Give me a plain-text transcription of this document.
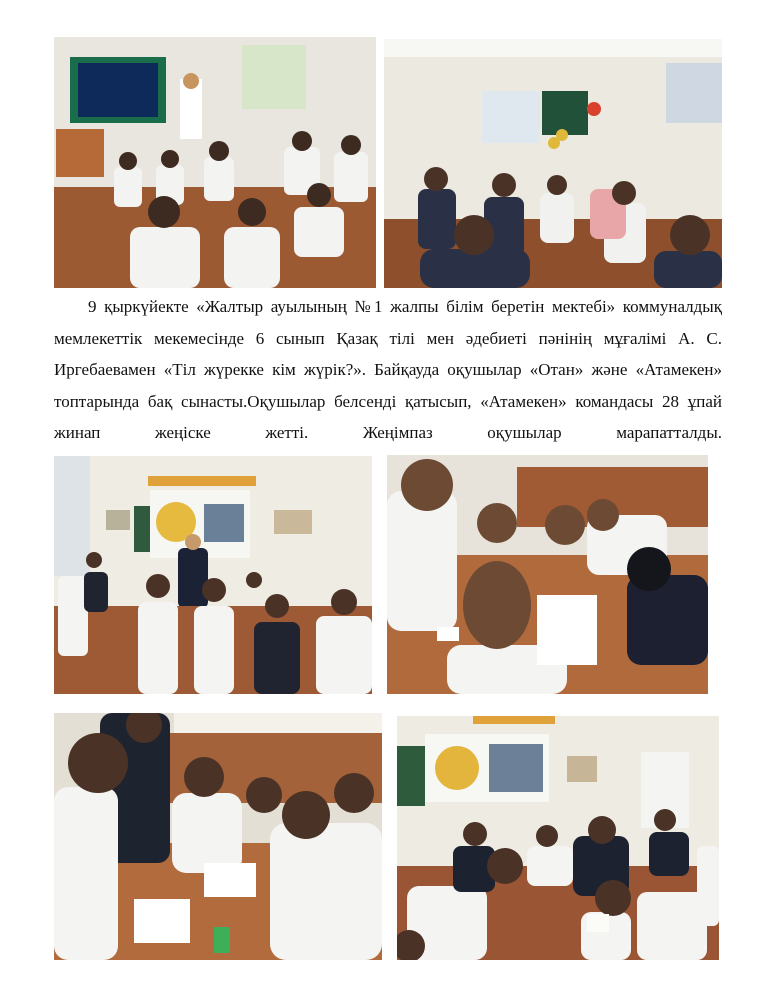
9 қыркүйекте «Жалтыр ауылының №1 жалпы білім беретін мектебі» коммуналдық мемлекеттік мекемесінде 6 сынып Қазақ тілі мен әдебиеті пәнінің мұғалімі А. С. Иргебаевамен «Тіл жүрекке кім жүрік?». Байқауда оқушылар «Отан» және «Атамекен» топтарында бақ сынасты.Оқушылар белсенді қатысып, «Атамекен» командасы 28 ұпай жинап жеңіске жетті. Жеңімпаз оқушылар марапатталды.
